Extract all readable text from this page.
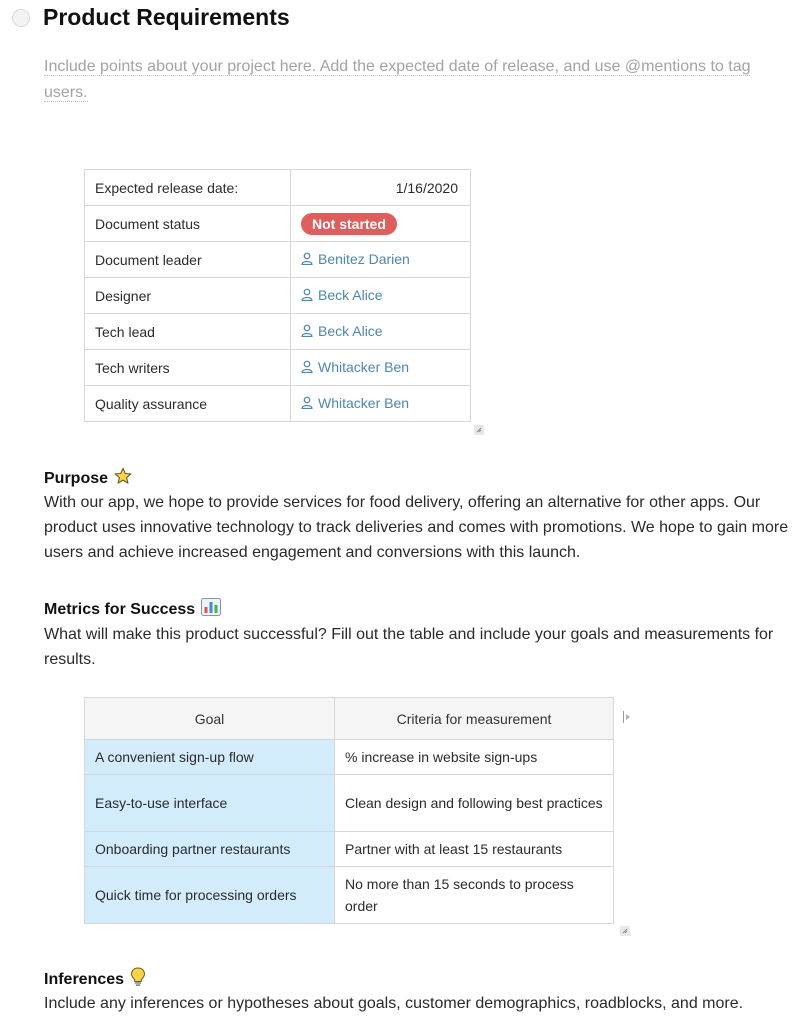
Product Requirements
Include points about your project here. Add the expected date of release, and use @mentions to tag users.
Expected release date:	1/16/2020
Document status	Not started
Document leader	Benitez Darien
Designer	Beck Alice
Tech lead	Beck Alice
Tech writers	Whitacker Ben
Quality assurance	Whitacker Ben
Purpose
With our app, we hope to provide services for food delivery, offering an alternative for other apps. Our product uses innovative technology to track deliveries and comes with promotions. We hope to gain more users and achieve increased engagement and conversions with this launch.
Metrics for Success
What will make this product successful? Fill out the table and include your goals and measurements for results.
Goal	Criteria for measurement
A convenient sign-up flow	% increase in website sign-ups
Easy-to-use interface	Clean design and following best practices
Onboarding partner restaurants	Partner with at least 15 restaurants
Quick time for processing orders	No more than 15 seconds to process order
Inferences
Include any inferences or hypotheses about goals, customer demographics, roadblocks, and more.
